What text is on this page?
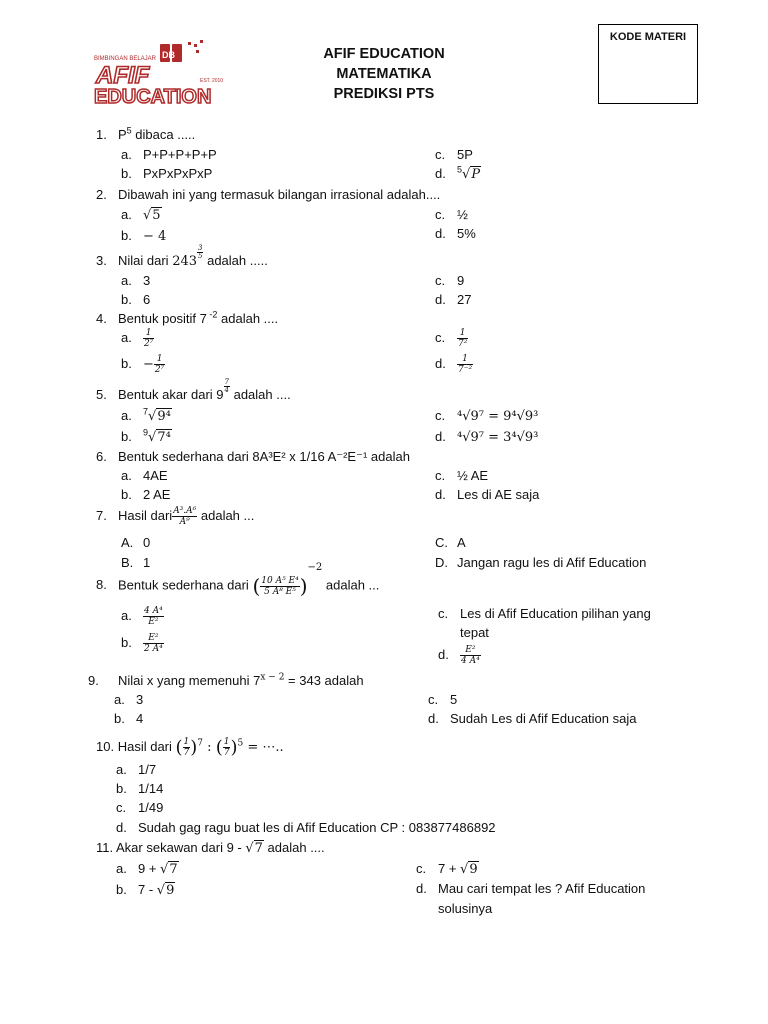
KODE MATERI
BIMBINGAN BELAJAR DB
AFIF	EST. 2010
EDUCATION
AFIF EDUCATION
MATEMATIKA
PREDIKSI PTS
1. $P^5$ dibaca .....
a. P+P+P+P+P
b. PxPxPxPxP
c. 5P
d. $^5$√P
2. Dibawah ini yang termasuk bilangan irrasional adalah....
a. √5
b. − 4
c. ½
d. 5%
3. Nilai dari 243
$\frac{3}{5}$
adalah .....
a. 3
b. 6
c. 9
d. 27
4. Bentuk positif 7 $^{-2}$ adalah ....
a. $\frac{1}{\text{2⁷}}$
b. − $\frac{1}{\text{2⁷}}$
c. $\frac{1}{\text{7²}}$
d. $\frac{1}{\text{7⁻²}}$
5. Bentuk akar dari 9
$\frac{7}{4}$
adalah ....
a. $^7$√9⁴
b. $^9$√7⁴
c. ⁴√9⁷ = 9⁴√9³
d. ⁴√9⁷ = 3⁴√9³
6. Bentuk sederhana dari 8A³E² x 1/16 A⁻²E⁻¹ adalah
a. 4AE
b. 2 AE
c. ½ AE
d. Les di AE saja
7. Hasil dari $\frac{\text{A³.A⁶}}{\text{A⁹}}$ adalah ...
A. 0
B. 1
C. A
D. Jangan ragu les di Afif Education
8. Bentuk sederhana dari ( $\frac{\text{10 A⁵ E⁴}}{\text{5 A⁸ E⁵}} )^{-2}$ adalah ...
a. $\frac{\text{4 A⁴}}{\text{E²}}$
b. $\frac{\text{E²}}{\text{2 A⁴}}$
c. Les di Afif Education pilihan yang
tepat
d. $\frac{\text{E²}}{\text{4 A⁴}}$
9. Nilai x yang memenuhi $7^{x - 2} = 343$ adalah
a. 3
b. 4
c. 5
d. Sudah Les di Afif Education saja
10. Hasil dari ( $\frac{1}{7} )^7$ : ( $\frac{1}{7} )^5$ = ⋯..
a. 1/7
b. 1/14
c. 1/49
d. Sudah gag ragu buat les di Afif Education CP : 083877486892
11. Akar sekawan dari 9 - √7 adalah ....
a. 9 + √7
b. 7 - √9
c. 7 + √9
d. Mau cari tempat les ? Afif Education
solusinya
